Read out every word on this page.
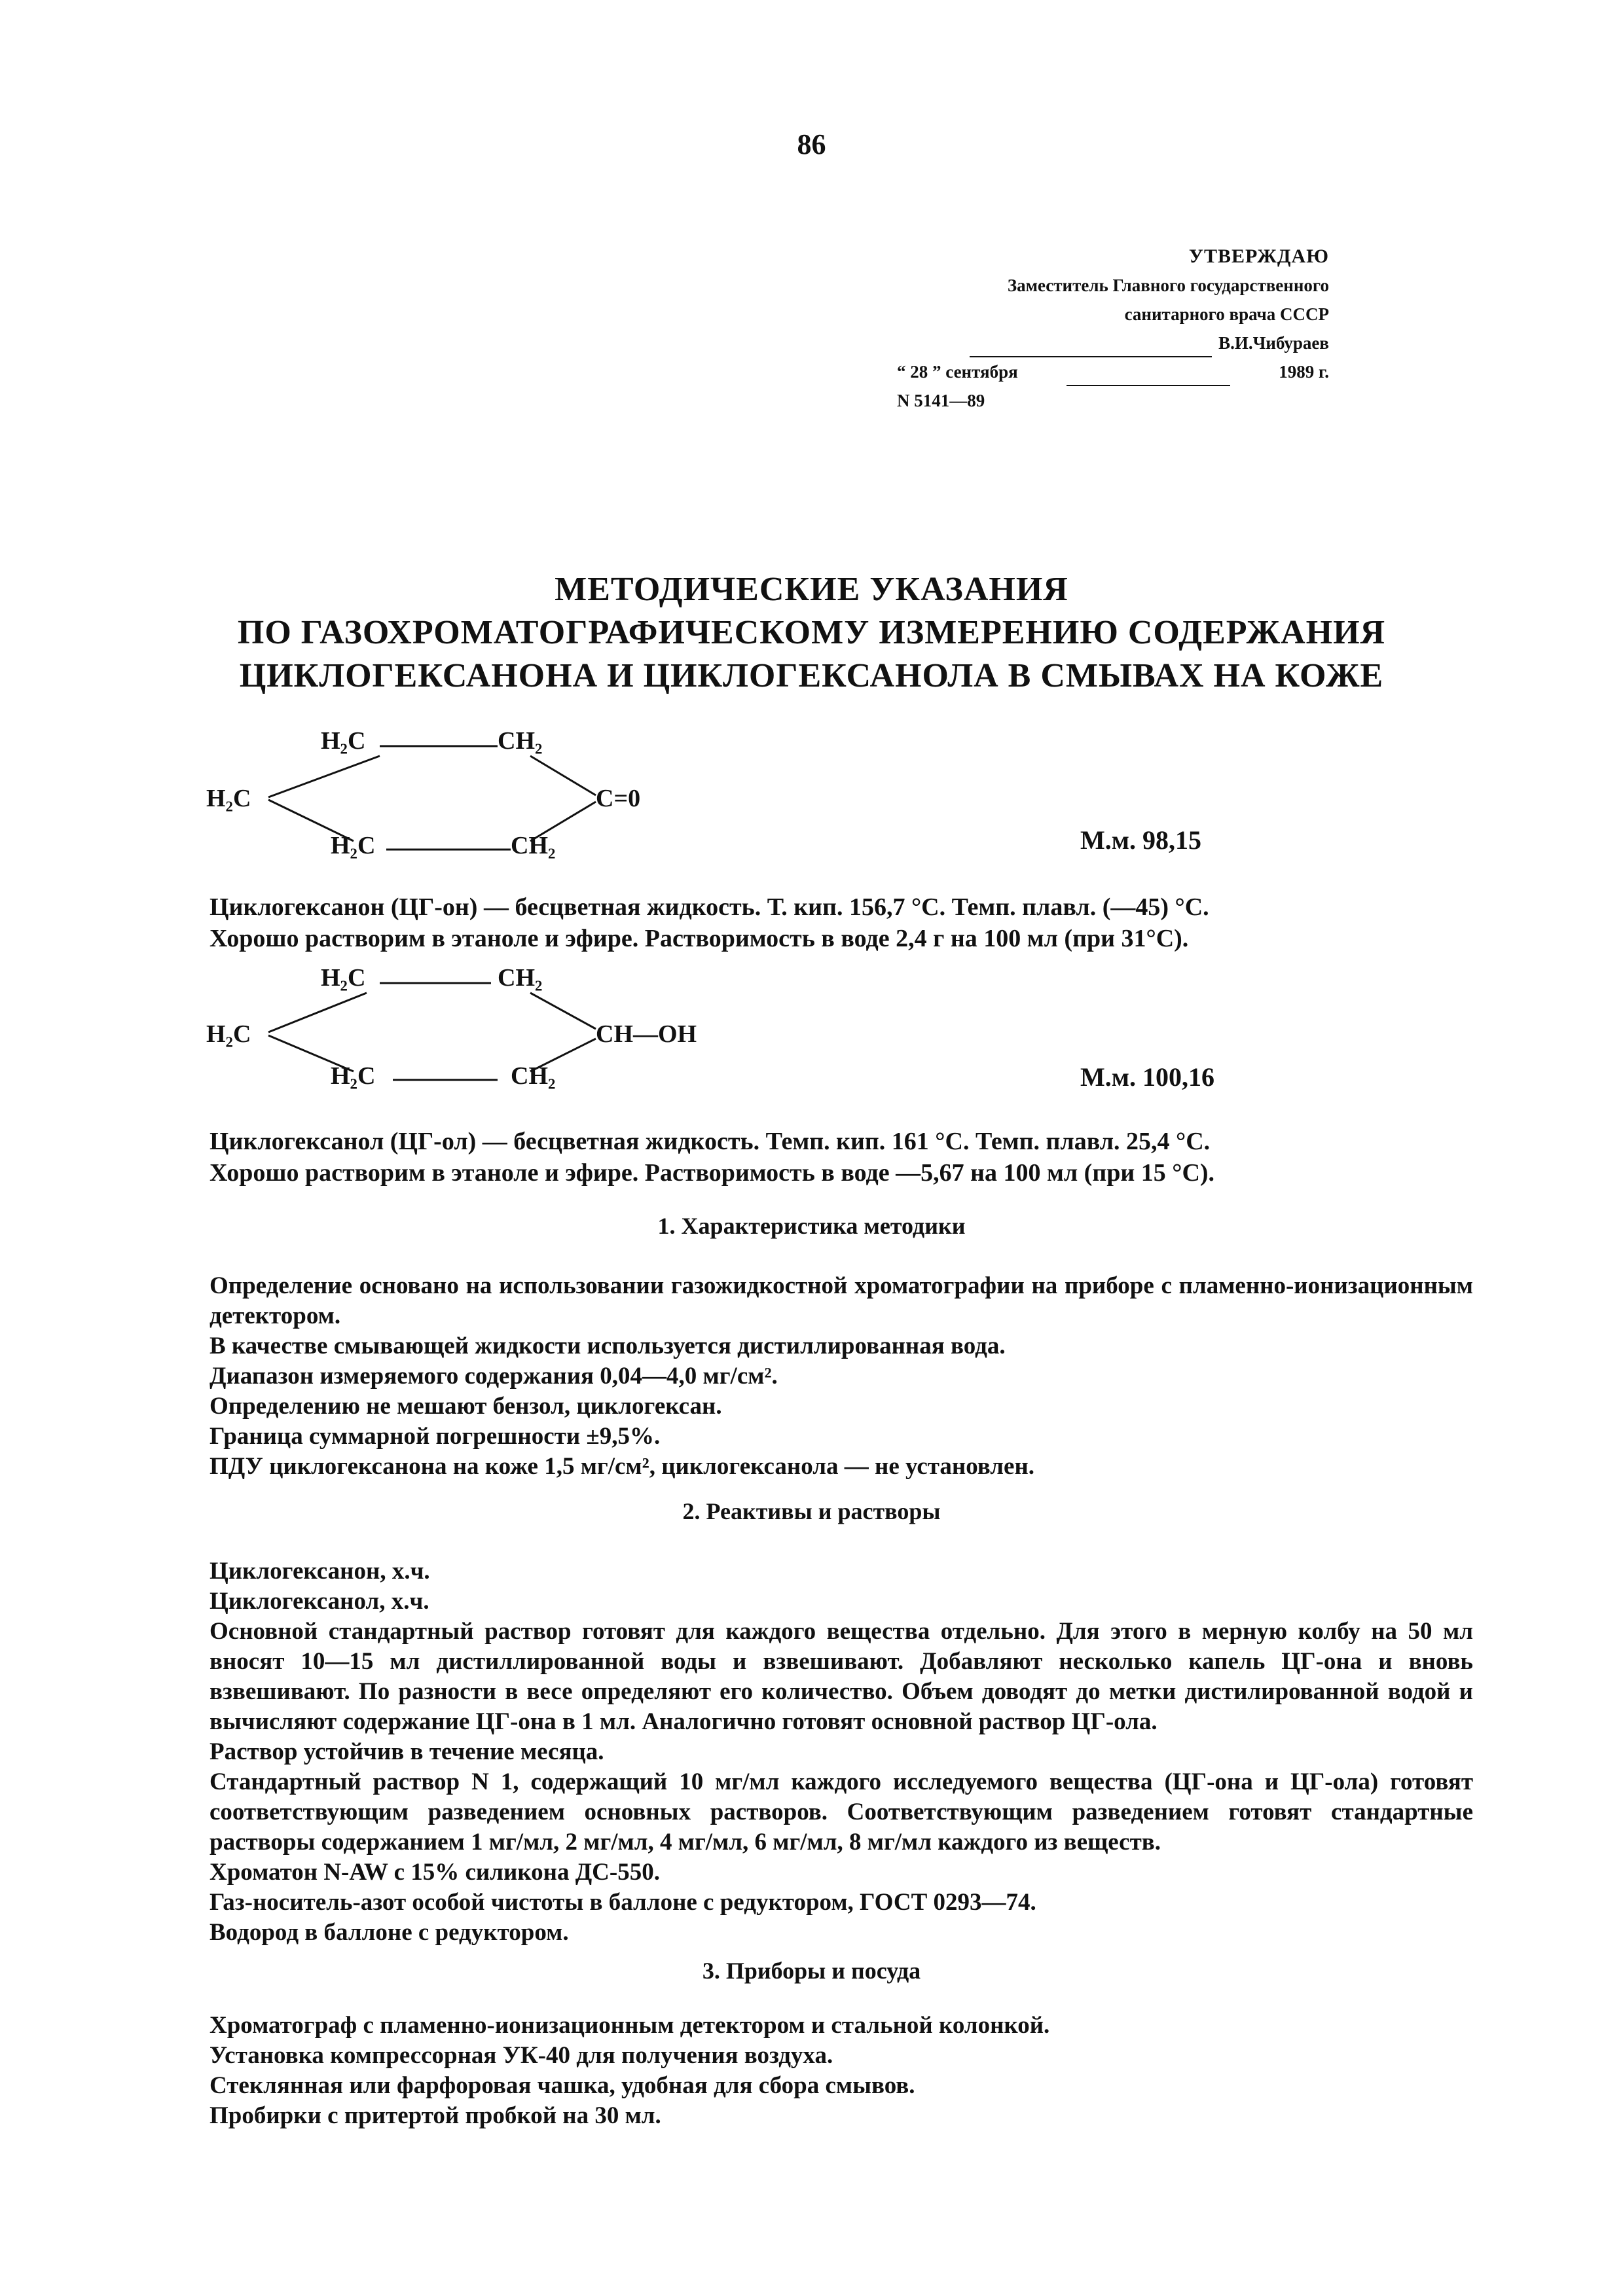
86
УТВЕРЖДАЮ
Заместитель Главного государственного
санитарного врача СССР
В.И.Чибураев
“ 28 ” сентября	1989 г.
N 5141—89
МЕТОДИЧЕСКИЕ УКАЗАНИЯ
ПО ГАЗОХРОМАТОГРАФИЧЕСКОМУ ИЗМЕРЕНИЮ СОДЕРЖАНИЯ
ЦИКЛОГЕКСАНОНА И ЦИКЛОГЕКСАНОЛА В СМЫВАХ НА КОЖЕ
H₂C	CH₂
H₂C	C=0
H₂C	CH₂	М.м. 98,15
Циклогексанон (ЦГ-он) — бесцветная жидкость. Т. кип. 156,7 °С. Темп. плавл. (—45) °С.
Хорошо растворим в этаноле и эфире. Растворимость в воде 2,4 г на 100 мл (при 31°С).
H₂C	CH₂
H₂C	CH—OH
H₂C	CH₂	М.м. 100,16
Циклогексанол (ЦГ-ол) — бесцветная жидкость. Темп. кип. 161 °С. Темп. плавл. 25,4 °С.
Хорошо растворим в этаноле и эфире. Растворимость в воде —5,67 на 100 мл (при 15 °С).
1. Характеристика методики

Определение основано на использовании газожидкостной хроматографии на приборе с пламенно-ионизационным детектором.

В качестве смывающей жидкости используется дистиллированная вода.

Диапазон измеряемого содержания 0,04—4,0 мг/см².

Определению не мешают бензол, циклогексан.

Граница суммарной погрешности ±9,5%.

ПДУ циклогексанона на коже 1,5 мг/см², циклогексанола — не установлен.

2. Реактивы и растворы

Циклогексанон, х.ч.

Циклогексанол, х.ч.

Основной стандартный раствор готовят для каждого вещества отдельно. Для этого в мерную колбу на 50 мл вносят 10—15 мл дистиллированной воды и взвешивают. Добавляют несколько капель ЦГ-она и вновь взвешивают. По разности в весе определяют его количество. Объем доводят до метки дистилированной водой и вычисляют содержание ЦГ-она в 1 мл. Аналогично готовят основной раствор ЦГ-ола.

Раствор устойчив в течение месяца.

Стандартный раствор N 1, содержащий 10 мг/мл каждого исследуемого вещества (ЦГ-она и ЦГ-ола) готовят соответствующим разведением основных растворов. Соответствующим разведением готовят стандартные растворы содержанием 1 мг/мл, 2 мг/мл, 4 мг/мл, 6 мг/мл, 8 мг/мл каждого из веществ.

Хроматон N-AW с 15% силикона ДС-550.

Газ-носитель-азот особой чистоты в баллоне с редуктором, ГОСТ 0293—74.

Водород в баллоне с редуктором.

3. Приборы и посуда

Хроматограф с пламенно-ионизационным детектором и стальной колонкой.

Установка компрессорная УК-40 для получения воздуха.

Стеклянная или фарфоровая чашка, удобная для сбора смывов.

Пробирки с притертой пробкой на 30 мл.
